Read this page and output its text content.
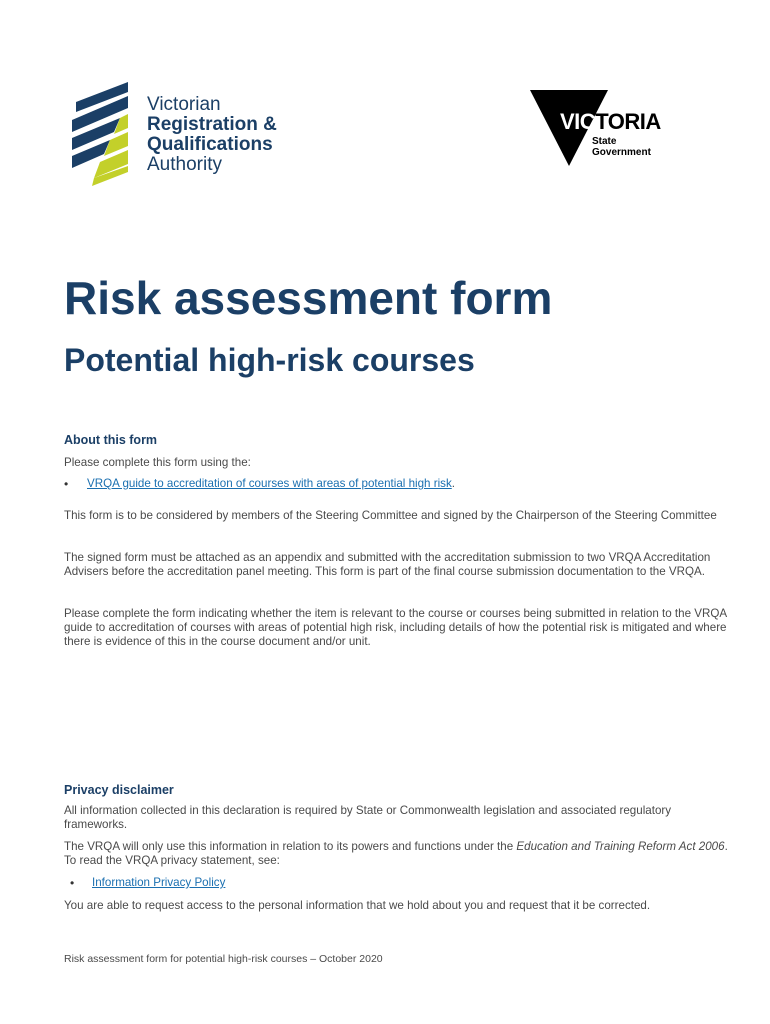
Victorian
Registration &
Qualifications
Authority
VICTORIA
State
Government
Risk assessment form
Potential high-risk courses
About this form

Please complete this form using the:

• VRQA guide to accreditation of courses with areas of potential high risk.

This form is to be considered by members of the Steering Committee and signed by the Chairperson of the Steering Committee

The signed form must be attached as an appendix and submitted with the accreditation submission to two VRQA Accreditation Advisers before the accreditation panel meeting. This form is part of the final course submission documentation to the VRQA.

Please complete the form indicating whether the item is relevant to the course or courses being submitted in relation to the VRQA guide to accreditation of courses with areas of potential high risk, including details of how the potential risk is mitigated and where there is evidence of this in the course document and/or unit.

Privacy disclaimer

All information collected in this declaration is required by State or Commonwealth legislation and associated regulatory frameworks.

The VRQA will only use this information in relation to its powers and functions under the Education and Training Reform Act 2006. To read the VRQA privacy statement, see:

• Information Privacy Policy

You are able to request access to the personal information that we hold about you and request that it be corrected.

Risk assessment form for potential high-risk courses – October 2020
